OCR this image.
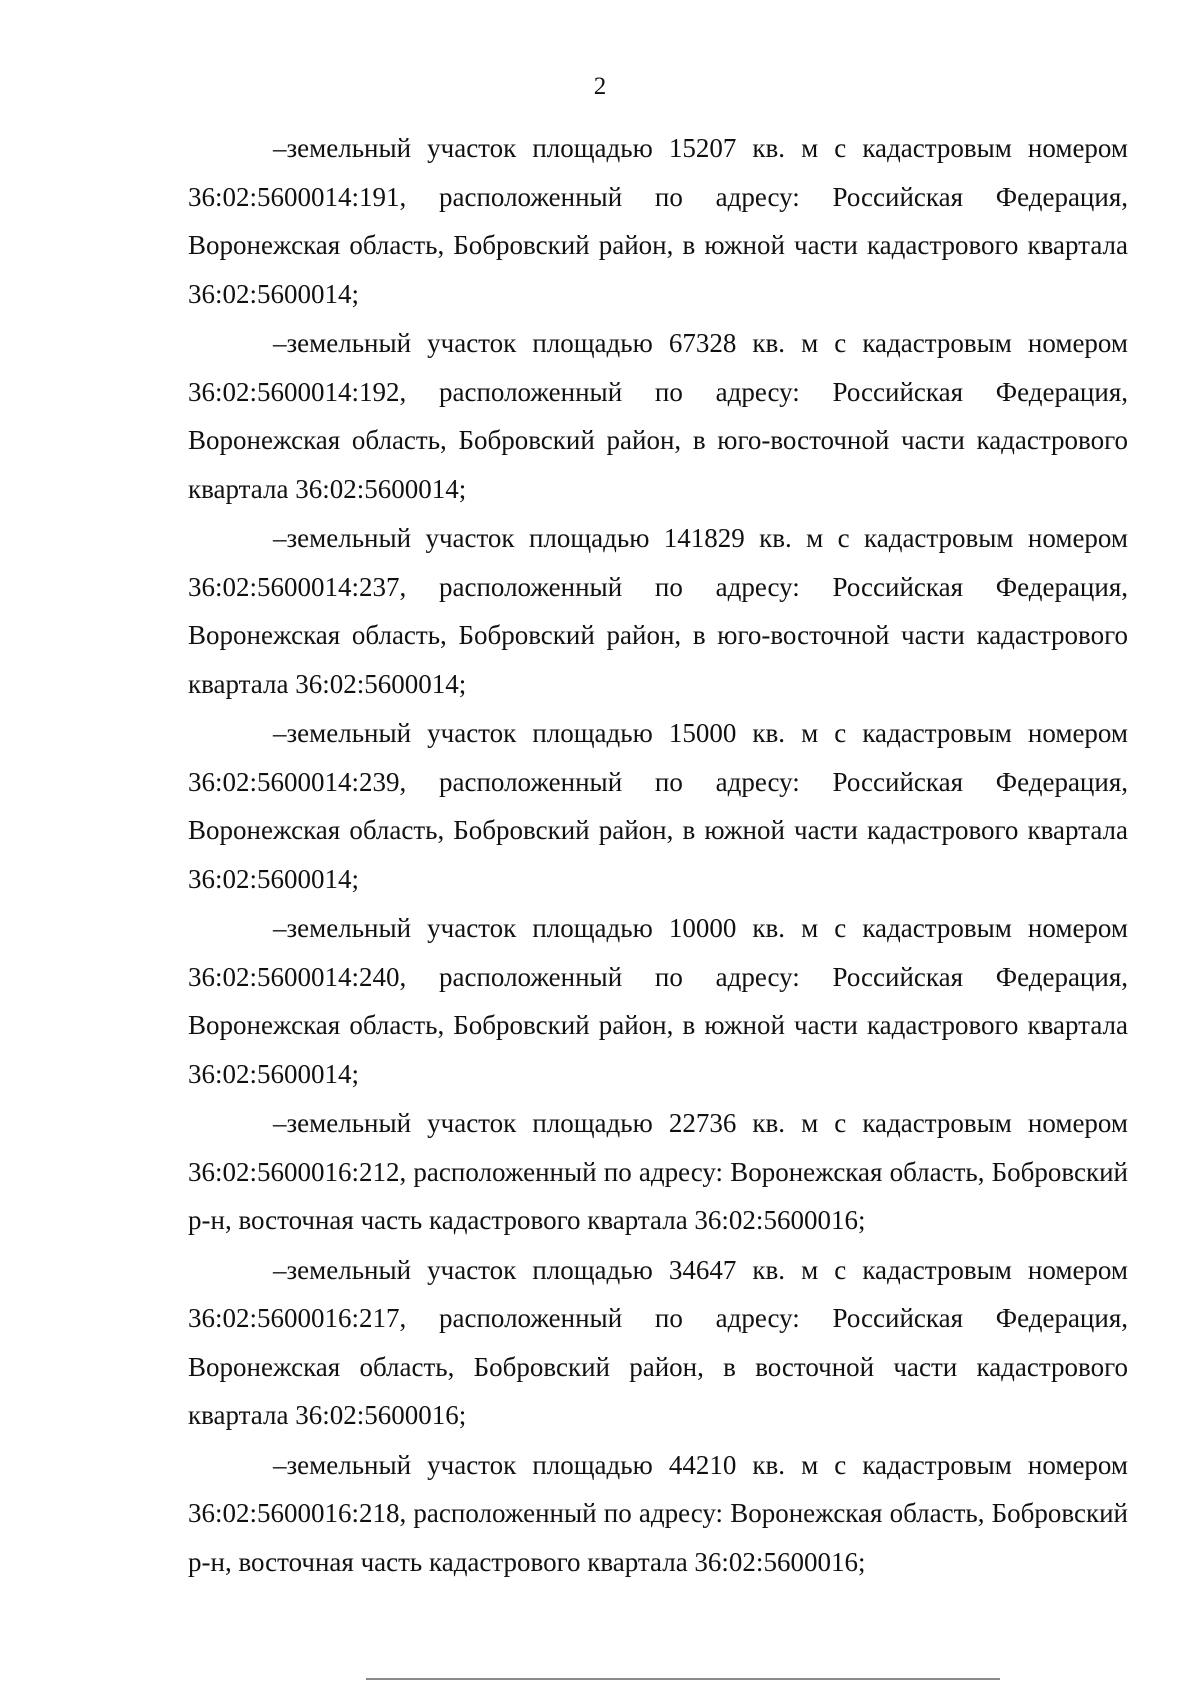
2

–земельный участок площадью 15207 кв. м с кадастровым номером 36:02:5600014:191, расположенный по адресу: Российская Федерация, Воронежская область, Бобровский район, в южной части кадастрового квартала 36:02:5600014;

–земельный участок площадью 67328 кв. м с кадастровым номером 36:02:5600014:192, расположенный по адресу: Российская Федерация, Воронежская область, Бобровский район, в юго-восточной части кадастрового квартала 36:02:5600014;

–земельный участок площадью 141829 кв. м с кадастровым номером 36:02:5600014:237, расположенный по адресу: Российская Федерация, Воронежская область, Бобровский район, в юго-восточной части кадастрового квартала 36:02:5600014;

–земельный участок площадью 15000 кв. м с кадастровым номером 36:02:5600014:239, расположенный по адресу: Российская Федерация, Воронежская область, Бобровский район, в южной части кадастрового квартала 36:02:5600014;

–земельный участок площадью 10000 кв. м с кадастровым номером 36:02:5600014:240, расположенный по адресу: Российская Федерация, Воронежская область, Бобровский район, в южной части кадастрового квартала 36:02:5600014;

–земельный участок площадью 22736 кв. м с кадастровым номером 36:02:5600016:212, расположенный по адресу: Воронежская область, Бобровский р-н, восточная часть кадастрового квартала 36:02:5600016;

–земельный участок площадью 34647 кв. м с кадастровым номером 36:02:5600016:217, расположенный по адресу: Российская Федерация, Воронежская область, Бобровский район, в восточной части кадастрового квартала 36:02:5600016;

–земельный участок площадью 44210 кв. м с кадастровым номером 36:02:5600016:218, расположенный по адресу: Воронежская область, Бобровский р-н, восточная часть кадастрового квартала 36:02:5600016;
